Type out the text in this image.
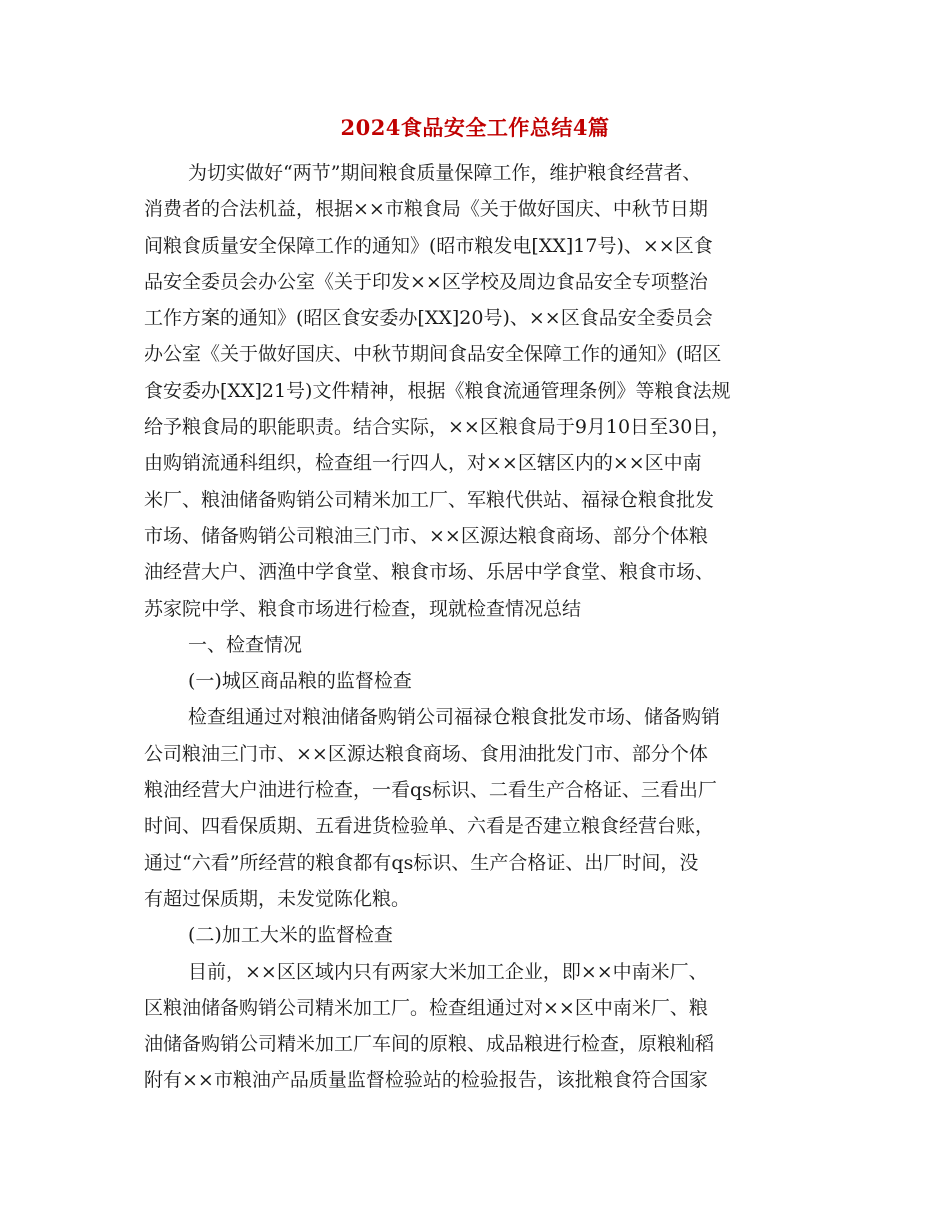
2024食品安全工作总结4篇
为切实做好“两节”期间粮食质量保障工作，维护粮食经营者、
消费者的合法机益，根据××市粮食局《关于做好国庆、中秋节日期
间粮食质量安全保障工作的通知》(昭市粮发电[XX]17号)、××区食
品安全委员会办公室《关于印发××区学校及周边食品安全专项整治
工作方案的通知》(昭区食安委办[XX]20号)、××区食品安全委员会
办公室《关于做好国庆、中秋节期间食品安全保障工作的通知》(昭区
食安委办[XX]21号)文件精神，根据《粮食流通管理条例》等粮食法规
给予粮食局的职能职责。结合实际，××区粮食局于9月10日至30日，
由购销流通科组织，检查组一行四人，对××区辖区内的××区中南
米厂、粮油储备购销公司精米加工厂、军粮代供站、福禄仓粮食批发
市场、储备购销公司粮油三门市、××区源达粮食商场、部分个体粮
油经营大户、洒渔中学食堂、粮食市场、乐居中学食堂、粮食市场、
苏家院中学、粮食市场进行检查，现就检查情况总结
一、检查情况
(一)城区商品粮的监督检查
检查组通过对粮油储备购销公司福禄仓粮食批发市场、储备购销
公司粮油三门市、××区源达粮食商场、食用油批发门市、部分个体
粮油经营大户油进行检查，一看qs标识、二看生产合格证、三看出厂
时间、四看保质期、五看进货检验单、六看是否建立粮食经营台账，
通过“六看”所经营的粮食都有qs标识、生产合格证、出厂时间，没
有超过保质期，未发觉陈化粮。
(二)加工大米的监督检查
目前，××区区域内只有两家大米加工企业，即××中南米厂、
区粮油储备购销公司精米加工厂。检查组通过对××区中南米厂、粮
油储备购销公司精米加工厂车间的原粮、成品粮进行检查，原粮籼稻
附有××市粮油产品质量监督检验站的检验报告，该批粮食符合国家
